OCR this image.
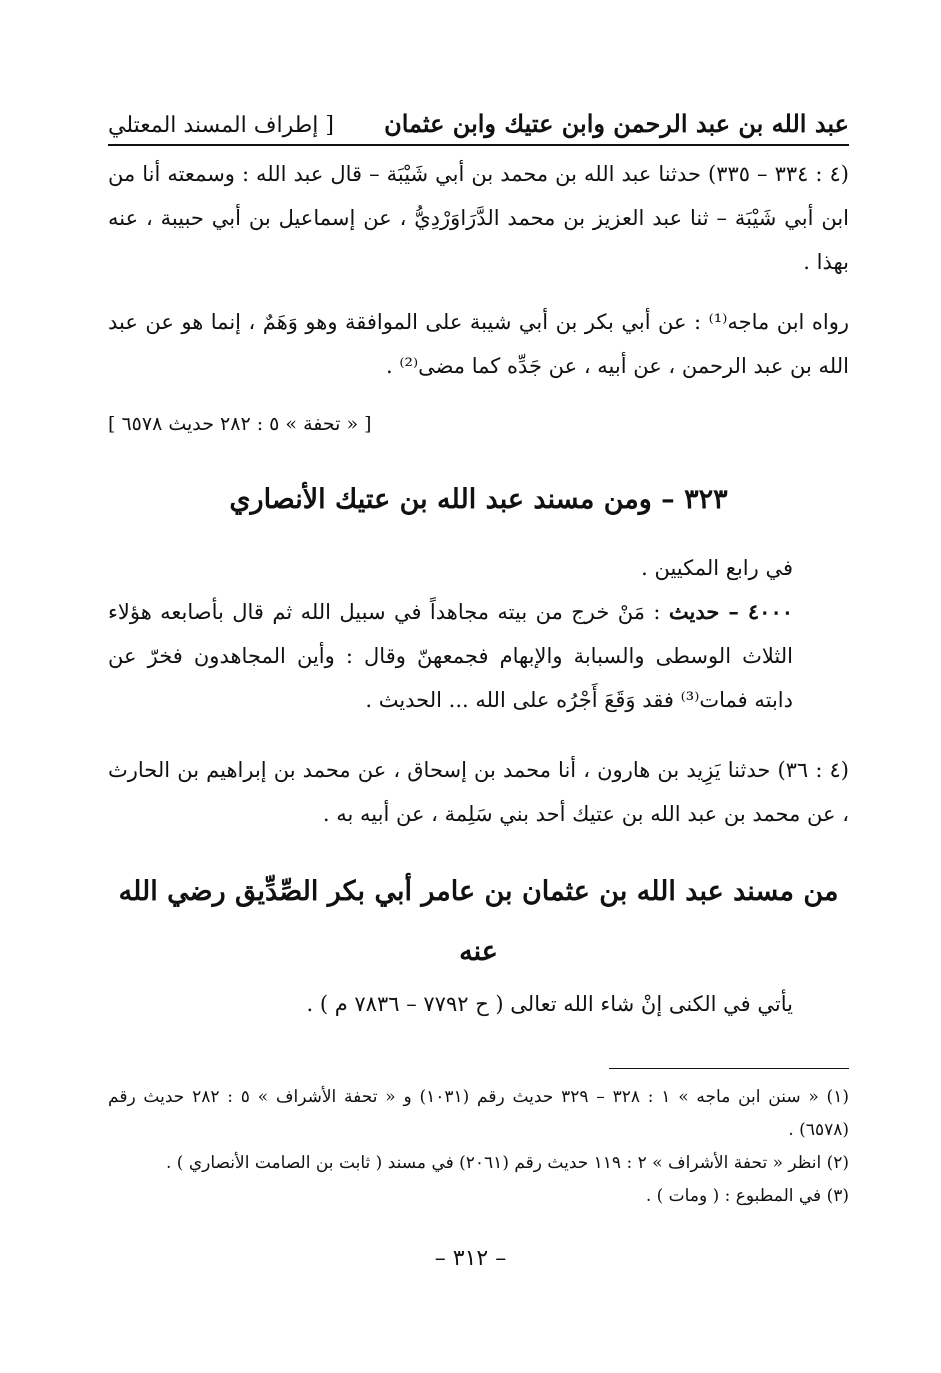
عبد الله بن عبد الرحمن وابن عتيك وابن عثمان
[ إطراف المسند المعتلي

(٤ : ٣٣٤ – ٣٣٥) حدثنا عبد الله بن محمد بن أبي شَيْبَة – قال عبد الله : وسمعته أنا من ابن أبي شَيْبَة – ثنا عبد العزيز بن محمد الدَّرَاوَرْدِيُّ ، عن إسماعيل بن أبي حبيبة ، عنه بهذا .

رواه ابن ماجه⁽¹⁾ : عن أبي بكر بن أبي شيبة على الموافقة وهو وَهَمٌ ، إنما هو عن عبد الله بن عبد الرحمن ، عن أبيه ، عن جَدِّه كما مضى⁽²⁾ .

[ « تحفة » ٥ : ٢٨٢ حديث ٦٥٧٨ ]

٣٢٣ – ومن مسند عبد الله بن عتيك الأنصاري

في رابع المكيين .

٤٠٠٠ – حديث : مَنْ خرج من بيته مجاهداً في سبيل الله ثم قال بأصابعه هؤلاء الثلاث الوسطى والسبابة والإبهام فجمعهنّ وقال : وأين المجاهدون فخرّ عن دابته فمات⁽³⁾ فقد وَقَعَ أَجْرُه على الله ... الحديث .

(٤ : ٣٦) حدثنا يَزِيد بن هارون ، أنا محمد بن إسحاق ، عن محمد بن إبراهيم بن الحارث ، عن محمد بن عبد الله بن عتيك أحد بني سَلِمة ، عن أبيه به .

من مسند عبد الله بن عثمان بن عامر أبي بكر الصِّدِّيق رضي الله عنه

يأتي في الكنى إنْ شاء الله تعالى ( ح ٧٧٩٢ – ٧٨٣٦ م ) .

(١) « سنن ابن ماجه » ١ : ٣٢٨ – ٣٢٩ حديث رقم (١٠٣١) و « تحفة الأشراف » ٥ : ٢٨٢ حديث رقم (٦٥٧٨) .

(٢) انظر « تحفة الأشراف » ٢ : ١١٩ حديث رقم (٢٠٦١) في مسند ( ثابت بن الصامت الأنصاري ) .

(٣) في المطبوع : ( ومات ) .

– ٣١٢ –
